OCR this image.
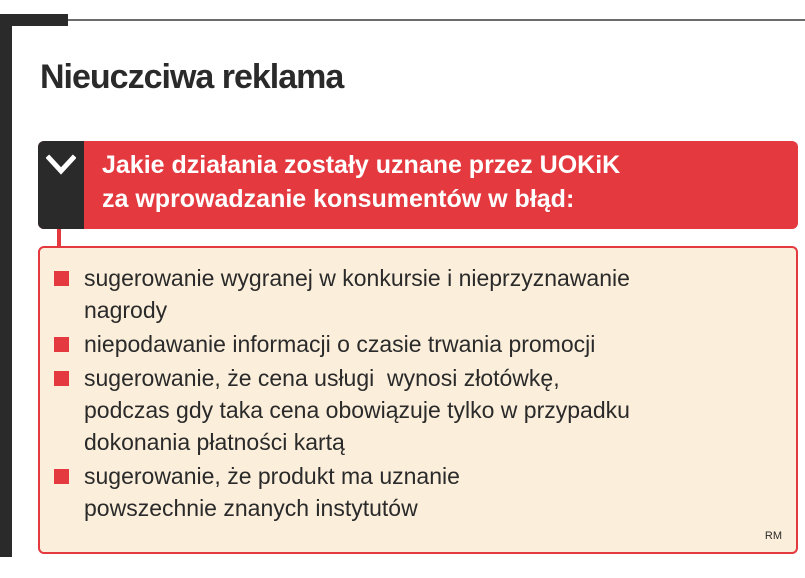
Nieuczciwa reklama
Jakie działania zostały uznane przez UOKiK
za wprowadzanie konsumentów w błąd:
sugerowanie wygranej w konkursie i nieprzyznawanie
nagrody
niepodawanie informacji o czasie trwania promocji
sugerowanie, że cena usługi  wynosi złotówkę,
podczas gdy taka cena obowiązuje tylko w przypadku
dokonania płatności kartą
sugerowanie, że produkt ma uznanie
powszechnie znanych instytutów
RM
